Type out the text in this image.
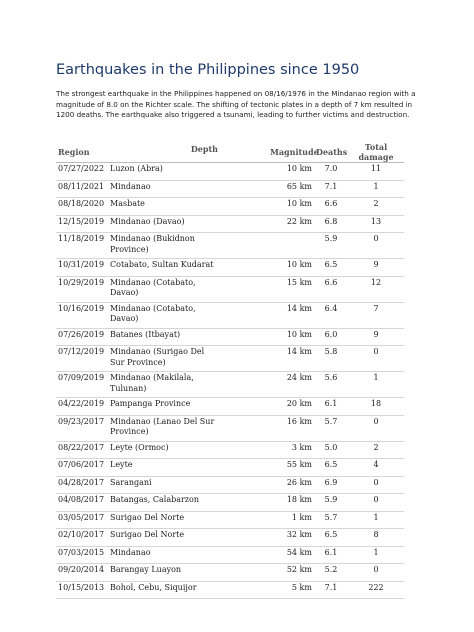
Earthquakes in the Philippines since 1950
The strongest earthquake in the Philippines happened on 08/16/1976 in the Mindanao region with a magnitude of 8.0 on the Richter scale. The shifting of tectonic plates in a depth of 7 km resulted in 1200 deaths. The earthquake also triggered a tsunami, leading to further victims and destruction.
Region Depth			Magnitude	Deaths	Total damage
07/27/2022	Luzon (Abra)		10 km	7.0	11
08/11/2021	Mindanao		65 km	7.1	1
08/18/2020	Masbate		10 km	6.6	2
12/15/2019	Mindanao (Davao)		22 km	6.8	13
11/18/2019	Mindanao (Bukidnon Province)			5.9	0
10/31/2019	Cotabato, Sultan Kudarat		10 km	6.5	9
10/29/2019	Mindanao (Cotabato, Davao)		15 km	6.6	12
10/16/2019	Mindanao (Cotabato, Davao)		14 km	6.4	7
07/26/2019	Batanes (Itbayat)		10 km	6.0	9
07/12/2019	Mindanao (Surigao Del Sur Province)		14 km	5.8	0
07/09/2019	Mindanao (Makilala, Tulunan)		24 km	5.6	1
04/22/2019	Pampanga Province		20 km	6.1	18
09/23/2017	Mindanao (Lanao Del Sur Province)		16 km	5.7	0
08/22/2017	Leyte (Ormoc)		3 km	5.0	2
07/06/2017	Leyte		55 km	6.5	4
04/28/2017	Sarangani		26 km	6.9	0
04/08/2017	Batangas, Calabarzon		18 km	5.9	0
03/05/2017	Surigao Del Norte		1 km	5.7	1
02/10/2017	Surigao Del Norte		32 km	6.5	8
07/03/2015	Mindanao		54 km	6.1	1
09/20/2014	Barangay Luayon		52 km	5.2	0
10/15/2013	Bohol, Cebu, Siquijor		5 km	7.1	222
